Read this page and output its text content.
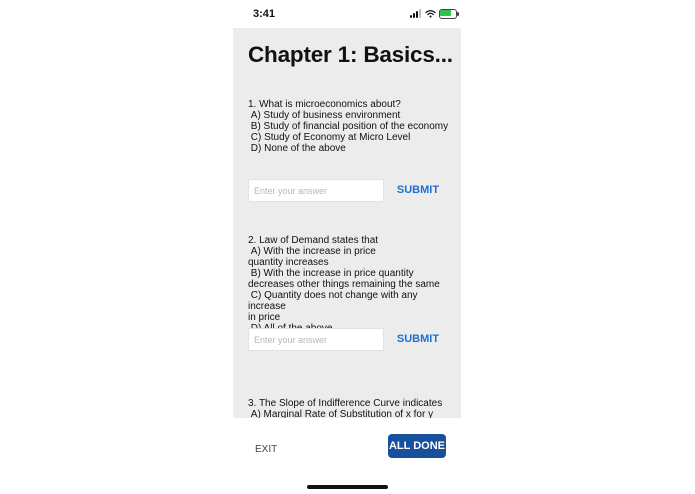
3:41
Chapter 1: Basics...
1. What is microeconomics about?
A) Study of business environment
B) Study of financial position of the economy
C) Study of Economy at Micro Level
D) None of the above
Enter your answer
SUBMIT
2. Law of Demand states that
A) With the increase in price
quantity increases
B) With the increase in price quantity
decreases other things remaining the same
C) Quantity does not change with any increase
in price

Enter your answer
SUBMIT
3. The Slope of Indifference Curve indicates
A) Marginal Rate of Substitution of x for y
EXIT	ALL DONE
